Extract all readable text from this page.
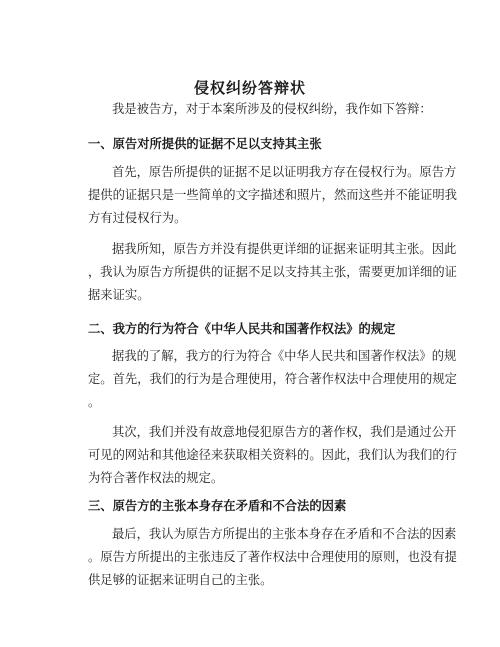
侵权纠纷答辩状

我是被告方，对于本案所涉及的侵权纠纷，我作如下答辩：

一、原告对所提供的证据不足以支持其主张

首先，原告所提供的证据不足以证明我方存在侵权行为。原告方

提供的证据只是一些简单的文字描述和照片，然而这些并不能证明我

方有过侵权行为。

据我所知，原告方并没有提供更详细的证据来证明其主张。因此

，我认为原告方所提供的证据不足以支持其主张，需要更加详细的证

据来证实。

二、我方的行为符合《中华人民共和国著作权法》的规定

据我的了解，我方的行为符合《中华人民共和国著作权法》的规

定。首先，我们的行为是合理使用，符合著作权法中合理使用的规定

。

其次，我们并没有故意地侵犯原告方的著作权，我们是通过公开

可见的网站和其他途径来获取相关资料的。因此，我们认为我们的行

为符合著作权法的规定。

三、原告方的主张本身存在矛盾和不合法的因素

最后，我认为原告方所提出的主张本身存在矛盾和不合法的因素

。原告方所提出的主张违反了著作权法中合理使用的原则，也没有提

供足够的证据来证明自己的主张。
